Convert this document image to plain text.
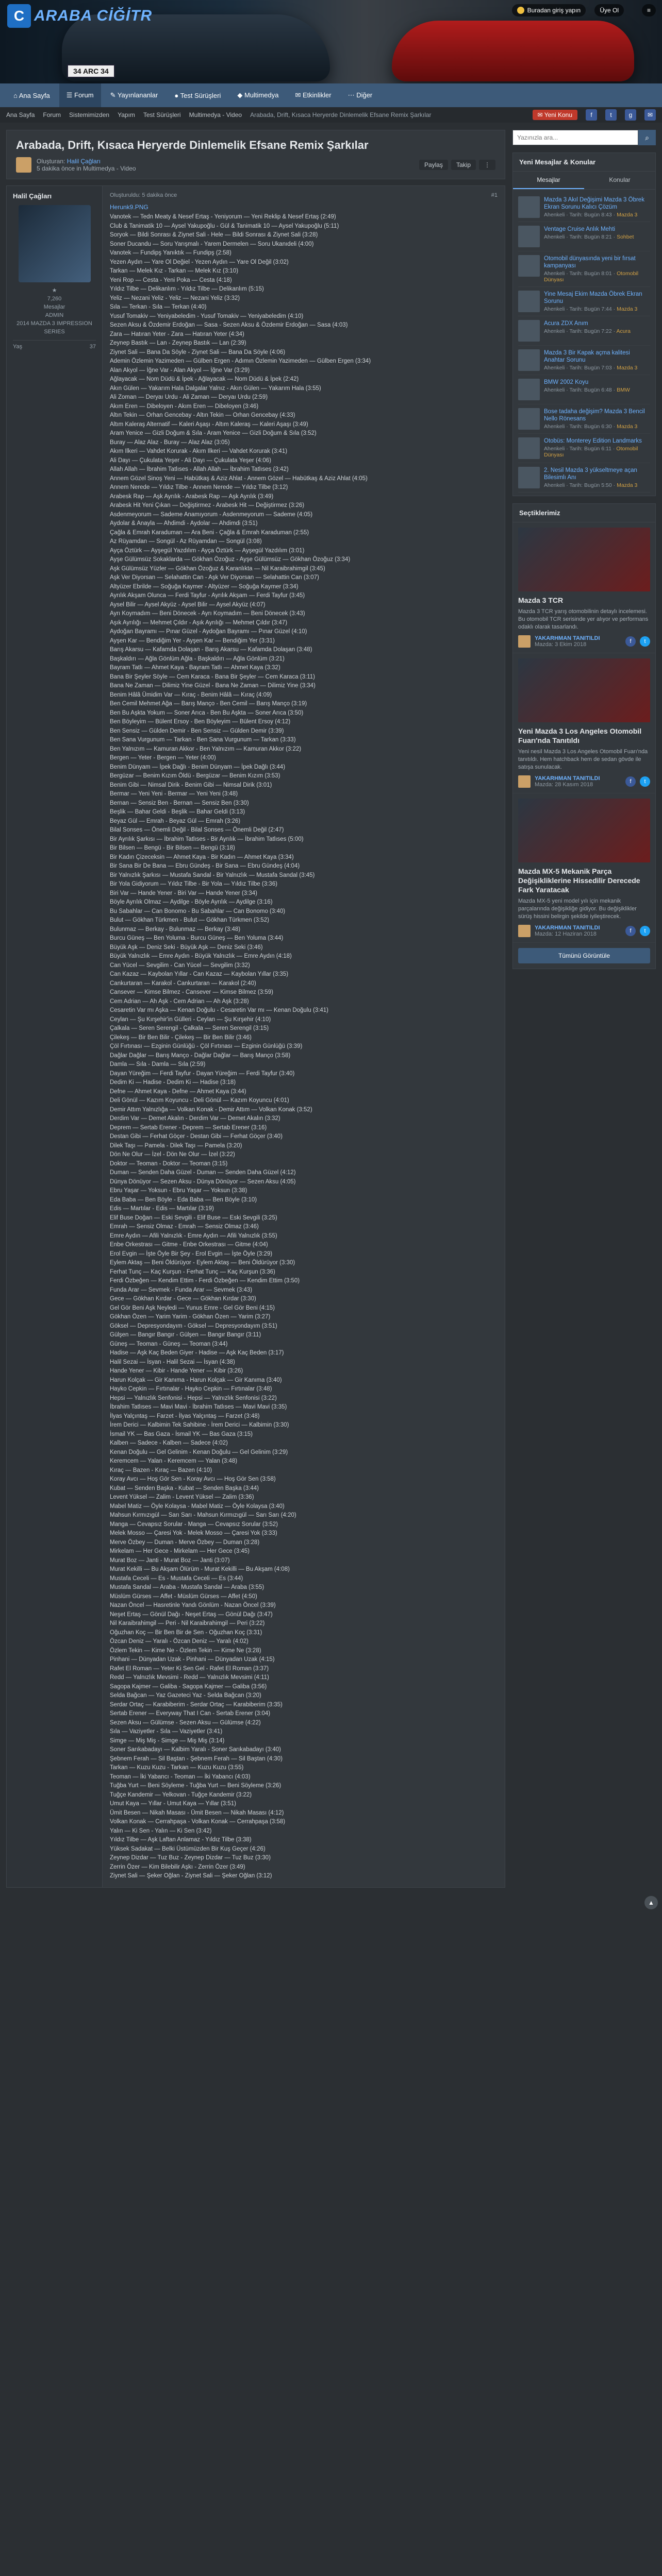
34 ARC 34
C ARABA CİĞİTR	Buradan giriş yapın	Üye Ol	≡
⌂ Ana Sayfa	☰ Forum	✎ Yayınlananlar	● Test Sürüşleri	◆ Multimedya	✉ Etkinlikler	⋯ Diğer
Ana Sayfa Forum Sistemimizden Yapım Test Sürüşleri Multimedya - Video Arabada, Drift, Kısaca Heryerde Dinlemelik Efsane Remix Şarkılar	✉ Yeni Konu	f	t	g	✉
Arabada, Drift, Kısaca Heryerde Dinlemelik Efsane Remix Şarkılar
Oluşturan: Halil Çağları
5 dakika önce in Multimedya - Video	Paylaş	Takip	⋮
Halil Çağları
★
7,260
Mesajlar
ADMIN
2014 MAZDA 3 IMPRESSION SERIES
Yaş	37
Oluşturuldu: 5 dakika önce	#1
Herunk9.PNG
Vanotek — Tedn Meaty & Nesef Ertaş - Yeniyorum — Yeni Reklip & Nesef Ertaş (2:49)
Club & Tanimatik 10 — Aysel Yakupoğlu - Gül & Tanimatik 10 — Aysel Yakupoğlu (5:11)
Soryok — Bildi Sonrası & Ziynet Sali - Hele — Bildi Sonrası & Ziynet Sali (3:28)
Soner Ducandu — Soru Yarışmalı - Yarem Dermelen — Soru Ukanıdeli (4:00)
Vanotek — Fundipş Yanıktık — Fundipş (2:58)
Yezen Aydın — Yare Ol Değiel - Yezen Aydın — Yare Ol Değil (3:02)
Tarkan — Melek Kız - Tarkan — Melek Kız (3:10)
Yeni Rop — Cesta - Yeni Poka — Cesta (4:18)
Yıldız Tilbe — Delikanlım - Yıldız Tilbe — Delikanlım (5:15)
Yeliz — Nezani Yeliz - Yeliz — Nezani Yeliz (3:32)
Sıla — Terkan - Sıla — Terkan (4:40)
Yusuf Tomakiv — Yeniyabeledim - Yusuf Tomakiv — Yeniyabeledim (4:10)
Sezen Aksu & Özdemir Erdoğan — Sasa - Sezen Aksu & Özdemir Erdoğan — Sasa (4:03)
Zara — Hatıran Yeter - Zara — Hatıran Yeter (4:34)
Zeynep Bastık — Lan - Zeynep Bastık — Lan (2:39)
Ziynet Sali — Bana Da Söyle - Ziynet Sali — Bana Da Söyle (4:06)
Ademin Özlemin Yazimeden — Gülben Ergen - Adımın Özlemin Yazimeden — Gülben Ergen (3:34)
Alan Akyol — İğne Var - Alan Akyol — İğne Var (3:29)
Ağlayacak — Nom Düdü & İpek - Ağlayacak — Nom Düdü & İpek (2:42)
Akın Gülen — Yakarım Hala Dalgalar Yalnız - Akın Gülen — Yakarım Hala (3:55)
Ali Zoman — Deryaı Urdu - Ali Zaman — Deryaı Urdu (2:59)
Akım Eren — Dibeloyen - Akım Eren — Dibeloyen (3:46)
Altın Tekin — Orhan Gencebay - Altın Tekin — Orhan Gencebay (4:33)
Altım Kaleraş Alternatif — Kaleri Aşaşı - Altım Kaleraş — Kaleri Aşaşı (3:49)
Aram Yenice — Gizli Doğum & Sıla - Aram Yenice — Gizli Doğum & Sıla (3:52)
Buray — Alaz Alaz - Buray — Alaz Alaz (3:05)
Akım Ilkeri — Vahdet Korurak - Akım Ilkeri — Vahdet Korurak (3:41)
Ali Dayı — Çukulatа Yeşer - Ali Dayı — Çukulatа Yeşer (4:06)
Allah Allah — İbrahim Tatlıses - Allah Allah — İbrahim Tatlıses (3:42)
Annem Gözel Sinoş Yeni — Habütkaş & Aziz Ahlat - Annem Gözel — Habütkaş & Aziz Ahlat (4:05)
Annem Nerede — Yıldız Tilbe - Annem Nerede — Yıldız Tilbe (3:12)
Arabesk Rap — Aşk Ayrılık - Arabesk Rap — Aşk Ayrılık (3:49)
Arabesk Hit Yeni Çıkan — Değiştirmez - Arabesk Hit — Değiştirmez (3:26)
Asdenmeyorum — Sademe Anamıyorum - Asdenmeyorum — Sademe (4:05)
Aydolar & Anayla — Ahdimdi - Aydolar — Ahdimdi (3:51)
Çağla & Emrah Karaduman — Ara Beni - Çağla & Emrah Karaduman (2:55)
Az Rüyamdan — Songül - Az Rüyamdan — Songül (3:08)
Ayça Öztürk — Ayşegül Yazdılım - Ayça Öztürk — Ayşegül Yazdılım (3:01)
Ayşe Gülümsüz Sokaklarda — Gökhan Özoğuz - Ayşe Gülümsüz — Gökhan Özoğuz (3:34)
Aşk Gülümsüz Yüzler — Gökhan Özoğuz & Karanlıkta — Nil Karaibrahimgil (3:45)
Aşk Ver Diyorsan — Selahattin Can - Aşk Ver Diyorsan — Selahattin Can (3:07)
Altyüzer Ebrilde — Soğuğa Kaymer - Altyüzer — Soğuğa Kaymer (3:34)
Ayrılık Akşam Olunca — Ferdi Tayfur - Ayrılık Akşam — Ferdi Tayfur (3:45)
Aysel Bilir — Aysel Akyüz - Aysel Bilir — Aysel Akyüz (4:07)
Ayrı Koymadım — Beni Dönecek - Ayrı Koymadım — Beni Dönecek (3:43)
Aşık Ayrılığı — Mehmet Çıldır - Aşık Ayrılığı — Mehmet Çıldır (3:47)
Aydoğan Bayramı — Pınar Güzel - Aydoğan Bayramı — Pınar Güzel (4:10)
Ayşen Kar — Bendiğim Yer - Ayşen Kar — Bendiğim Yer (3:31)
Barış Akarsu — Kafamda Dolaşan - Barış Akarsu — Kafamda Dolaşan (3:48)
Başkaldırı — Ağla Gönlüm Ağla - Başkaldırı — Ağla Gönlüm (3:21)
Bayram Tatlı — Ahmet Kaya - Bayram Tatlı — Ahmet Kaya (3:32)
Bana Bir Şeyler Söyle — Cem Karaca - Bana Bir Şeyler — Cem Karaca (3:11)
Bana Ne Zaman — Dilimiz Yine Güzel - Bana Ne Zaman — Dilimiz Yine (3:34)
Benim Hâlâ Ümidim Var — Kıraç - Benim Hâlâ — Kıraç (4:09)
Ben Cemil Mehmet Ağa — Barış Manço - Ben Cemil — Barış Manço (3:19)
Ben Bu Aşkta Yokum — Soner Arıca - Ben Bu Aşkta — Soner Arıca (3:50)
Ben Böyleyim — Bülent Ersoy - Ben Böyleyim — Bülent Ersoy (4:12)
Ben Sensiz — Gülden Demir - Ben Sensiz — Gülden Demir (3:39)
Ben Sana Vurgunum — Tarkan - Ben Sana Vurgunum — Tarkan (3:33)
Ben Yalnızım — Kamuran Akkor - Ben Yalnızım — Kamuran Akkor (3:22)
Bergen — Yeter - Bergen — Yeter (4:00)
Benim Dünyam — İpek Dağlı - Benim Dünyam — İpek Dağlı (3:44)
Bergüzar — Benim Kızım Öldü - Bergüzar — Benim Kızım (3:53)
Benim Gibi — Nimsal Dirik - Benim Gibi — Nimsal Dirik (3:01)
Bermar — Yeni Yeni - Bermar — Yeni Yeni (3:48)
Bernan — Sensiz Ben - Bernan — Sensiz Ben (3:30)
Beşlik — Bahar Geldi - Beşlik — Bahar Geldi (3:13)
Beyaz Gül — Emrah - Beyaz Gül — Emrah (3:26)
Bilal Sonses — Önemli Değil - Bilal Sonses — Önemli Değil (2:47)
Bir Ayrılık Şarkısı — İbrahim Tatlıses - Bir Ayrılık — İbrahim Tatlıses (5:00)
Bir Bilsen — Bengü - Bir Bilsen — Bengü (3:18)
Bir Kadın Çizeceksin — Ahmet Kaya - Bir Kadın — Ahmet Kaya (3:34)
Bir Sana Bir De Bana — Ebru Gündeş - Bir Sana — Ebru Gündeş (4:04)
Bir Yalnızlık Şarkısı — Mustafa Sandal - Bir Yalnızlık — Mustafa Sandal (3:45)
Bir Yola Gidiyorum — Yıldız Tilbe - Bir Yola — Yıldız Tilbe (3:36)
Biri Var — Hande Yener - Biri Var — Hande Yener (3:34)
Böyle Ayrılık Olmaz — Aydilge - Böyle Ayrılık — Aydilge (3:16)
Bu Sabahlar — Can Bonomo - Bu Sabahlar — Can Bonomo (3:40)
Bulut — Gökhan Türkmen - Bulut — Gökhan Türkmen (3:52)
Bulunmaz — Berkay - Bulunmaz — Berkay (3:48)
Burcu Güneş — Ben Yoluma - Burcu Güneş — Ben Yoluma (3:44)
Büyük Aşk — Deniz Seki - Büyük Aşk — Deniz Seki (3:46)
Büyük Yalnızlık — Emre Aydın - Büyük Yalnızlık — Emre Aydın (4:18)
Can Yücel — Sevgilim - Can Yücel — Sevgilim (3:32)
Can Kazaz — Kaybolan Yıllar - Can Kazaz — Kaybolan Yıllar (3:35)
Cankurtaran — Karakol - Cankurtaran — Karakol (2:40)
Cansever — Kimse Bilmez - Cansever — Kimse Bilmez (3:59)
Cem Adrian — Ah Aşk - Cem Adrian — Ah Aşk (3:28)
Cesaretin Var mı Aşka — Kenan Doğulu - Cesaretin Var mı — Kenan Doğulu (3:41)
Ceylan — Şu Kırşehir'in Gülleri - Ceylan — Şu Kırşehir (4:10)
Çalkala — Seren Serengil - Çalkala — Seren Serengil (3:15)
Çilekeş — Bir Ben Bilir - Çilekeş — Bir Ben Bilir (3:46)
Çöl Fırtınası — Ezginin Günlüğü - Çöl Fırtınası — Ezginin Günlüğü (3:39)
Dağlar Dağlar — Barış Manço - Dağlar Dağlar — Barış Manço (3:58)
Damla — Sıla - Damla — Sıla (2:59)
Dayan Yüreğim — Ferdi Tayfur - Dayan Yüreğim — Ferdi Tayfur (3:40)
Dedim Ki — Hadise - Dedim Ki — Hadise (3:18)
Defne — Ahmet Kaya - Defne — Ahmet Kaya (3:44)
Deli Gönül — Kazım Koyuncu - Deli Gönül — Kazım Koyuncu (4:01)
Demir Attım Yalnızlığa — Volkan Konak - Demir Attım — Volkan Konak (3:52)
Derdim Var — Demet Akalın - Derdim Var — Demet Akalın (3:32)
Deprem — Sertab Erener - Deprem — Sertab Erener (3:16)
Destan Gibi — Ferhat Göçer - Destan Gibi — Ferhat Göçer (3:40)
Dilek Taşı — Pamela - Dilek Taşı — Pamela (3:20)
Dön Ne Olur — İzel - Dön Ne Olur — İzel (3:22)
Doktor — Teoman - Doktor — Teoman (3:15)
Duman — Senden Daha Güzel - Duman — Senden Daha Güzel (4:12)
Dünya Dönüyor — Sezen Aksu - Dünya Dönüyor — Sezen Aksu (4:05)
Ebru Yaşar — Yoksun - Ebru Yaşar — Yoksun (3:38)
Eda Baba — Ben Böyle - Eda Baba — Ben Böyle (3:10)
Edis — Martılar - Edis — Martılar (3:19)
Elif Buse Doğan — Eski Sevgili - Elif Buse — Eski Sevgili (3:25)
Emrah — Sensiz Olmaz - Emrah — Sensiz Olmaz (3:46)
Emre Aydın — Afili Yalnızlık - Emre Aydın — Afili Yalnızlık (3:55)
Enbe Orkestrası — Gitme - Enbe Orkestrası — Gitme (4:04)
Erol Evgin — İşte Öyle Bir Şey - Erol Evgin — İşte Öyle (3:29)
Eylem Aktaş — Beni Öldürüyor - Eylem Aktaş — Beni Öldürüyor (3:30)
Ferhat Tunç — Kaç Kurşun - Ferhat Tunç — Kaç Kurşun (3:36)
Ferdi Özbeğen — Kendim Ettim - Ferdi Özbeğen — Kendim Ettim (3:50)
Funda Arar — Sevmek - Funda Arar — Sevmek (3:43)
Gece — Gökhan Kırdar - Gece — Gökhan Kırdar (3:30)
Gel Gör Beni Aşk Neyledi — Yunus Emre - Gel Gör Beni (4:15)
Gökhan Özen — Yarim Yarim - Gökhan Özen — Yarim (3:27)
Göksel — Depresyondayım - Göksel — Depresyondayım (3:51)
Gülşen — Bangır Bangır - Gülşen — Bangır Bangır (3:11)
Güneş — Teoman - Güneş — Teoman (3:44)
Hadise — Aşk Kaç Beden Giyer - Hadise — Aşk Kaç Beden (3:17)
Halil Sezai — İsyan - Halil Sezai — İsyan (4:38)
Hande Yener — Kibir - Hande Yener — Kibir (3:26)
Harun Kolçak — Gir Kanıma - Harun Kolçak — Gir Kanıma (3:40)
Hayko Cepkin — Fırtınalar - Hayko Cepkin — Fırtınalar (3:48)
Hepsi — Yalnızlık Senfonisi - Hepsi — Yalnızlık Senfonisi (3:22)
İbrahim Tatlıses — Mavi Mavi - İbrahim Tatlıses — Mavi Mavi (3:35)
İlyas Yalçıntaş — Farzet - İlyas Yalçıntaş — Farzet (3:48)
İrem Derici — Kalbimin Tek Sahibine - İrem Derici — Kalbimin (3:30)
İsmail YK — Bas Gaza - İsmail YK — Bas Gaza (3:15)
Kalben — Sadece - Kalben — Sadece (4:02)
Kenan Doğulu — Gel Gelinim - Kenan Doğulu — Gel Gelinim (3:29)
Keremcem — Yalan - Keremcem — Yalan (3:48)
Kıraç — Bazen - Kıraç — Bazen (4:10)
Koray Avcı — Hoş Gör Sen - Koray Avcı — Hoş Gör Sen (3:58)
Kubat — Senden Başka - Kubat — Senden Başka (3:44)
Levent Yüksel — Zalim - Levent Yüksel — Zalim (3:36)
Mabel Matiz — Öyle Kolaysa - Mabel Matiz — Öyle Kolaysa (3:40)
Mahsun Kırmızıgül — Sarı Sarı - Mahsun Kırmızıgül — Sarı Sarı (4:20)
Manga — Cevapsız Sorular - Manga — Cevapsız Sorular (3:52)
Melek Mosso — Çaresi Yok - Melek Mosso — Çaresi Yok (3:33)
Merve Özbey — Duman - Merve Özbey — Duman (3:28)
Mirkelam — Her Gece - Mirkelam — Her Gece (3:45)
Murat Boz — Janti - Murat Boz — Janti (3:07)
Murat Kekilli — Bu Akşam Ölürüm - Murat Kekilli — Bu Akşam (4:08)
Mustafa Ceceli — Es - Mustafa Ceceli — Es (3:44)
Mustafa Sandal — Araba - Mustafa Sandal — Araba (3:55)
Müslüm Gürses — Affet - Müslüm Gürses — Affet (4:50)
Nazan Öncel — Hasretinle Yandı Gönlüm - Nazan Öncel (3:39)
Neşet Ertaş — Gönül Dağı - Neşet Ertaş — Gönül Dağı (3:47)
Nil Karaibrahimgil — Peri - Nil Karaibrahimgil — Peri (3:22)
Oğuzhan Koç — Bir Ben Bir de Sen - Oğuzhan Koç (3:31)
Özcan Deniz — Yaralı - Özcan Deniz — Yaralı (4:02)
Özlem Tekin — Kime Ne - Özlem Tekin — Kime Ne (3:28)
Pinhani — Dünyadan Uzak - Pinhani — Dünyadan Uzak (4:15)
Rafet El Roman — Yeter Ki Sen Gel - Rafet El Roman (3:37)
Redd — Yalnızlık Mevsimi - Redd — Yalnızlık Mevsimi (4:11)
Sagopa Kajmer — Galiba - Sagopa Kajmer — Galiba (3:56)
Selda Bağcan — Yaz Gazeteci Yaz - Selda Bağcan (3:20)
Serdar Ortaç — Karabiberim - Serdar Ortaç — Karabiberim (3:35)
Sertab Erener — Everyway That I Can - Sertab Erener (3:04)
Sezen Aksu — Gülümse - Sezen Aksu — Gülümse (4:22)
Sıla — Vaziyetler - Sıla — Vaziyetler (3:41)
Simge — Miş Miş - Simge — Miş Miş (3:14)
Soner Sarıkabadayı — Kalbim Yaralı - Soner Sarıkabadayı (3:40)
Şebnem Ferah — Sil Baştan - Şebnem Ferah — Sil Baştan (4:30)
Tarkan — Kuzu Kuzu - Tarkan — Kuzu Kuzu (3:55)
Teoman — İki Yabancı - Teoman — İki Yabancı (4:03)
Tuğba Yurt — Beni Söyleme - Tuğba Yurt — Beni Söyleme (3:26)
Tuğçe Kandemir — Yelkovan - Tuğçe Kandemir (3:22)
Umut Kaya — Yıllar - Umut Kaya — Yıllar (3:51)
Ümit Besen — Nikah Masası - Ümit Besen — Nikah Masası (4:12)
Volkan Konak — Cerrahpaşa - Volkan Konak — Cerrahpaşa (3:58)
Yalın — Ki Sen - Yalın — Ki Sen (3:42)
Yıldız Tilbe — Aşk Laftan Anlamaz - Yıldız Tilbe (3:38)
Yüksek Sadakat — Belki Üstümüzden Bir Kuş Geçer (4:26)
Zeynep Dizdar — Tuz Buz - Zeynep Dizdar — Tuz Buz (3:30)
Zerrin Özer — Kim Bilebilir Aşkı - Zerrin Özer (3:49)
Ziynet Sali — Şeker Oğlan - Ziynet Sali — Şeker Oğlan (3:12)
Yazınızla ara...
⌕
Yeni Mesajlar & Konular
Mesajlar	Konular
Mazda 3 Akıl Değişimi Mazda 3 Öbrek Ekran Sorunu Kalıcı Çözüm
Ahenkeli · Tarih: Bugün 8:43 · Mazda 3
Ventage Cruise Anlık Mehti
Ahenkeli · Tarih: Bugün 8:21 · Sohbet
Otomobil dünyasında yeni bir fırsat kampanyası
Ahenkeli · Tarih: Bugün 8:01 · Otomobil Dünyası
Yine Mesaj Ekim Mazda Öbrek Ekran Sorunu
Ahenkeli · Tarih: Bugün 7:44 · Mazda 3
Acura ZDX Anım
Ahenkeli · Tarih: Bugün 7:22 · Acura
Mazda 3 Bir Kapak açma kalitesi Anahtar Sorunu
Ahenkeli · Tarih: Bugün 7:03 · Mazda 3
BMW 2002 Koyu
Ahenkeli · Tarih: Bugün 6:48 · BMW
Bose tadaha değişim? Mazda 3 Bencil Nello Rönesans
Ahenkeli · Tarih: Bugün 6:30 · Mazda 3
Otobüs: Monterey Edition Landmarks
Ahenkeli · Tarih: Bugün 6:11 · Otomobil Dünyası
2. Nesil Mazda 3 yükseltmeye açan Bilesimlı Anı
Ahenkeli · Tarih: Bugün 5:50 · Mazda 3
Seçtiklerimiz
Mazda 3 TCR
Mazda 3 TCR yarış otomobilinin detaylı incelemesi. Bu otomobil TCR serisinde yer alıyor ve performans odaklı olarak tasarlandı.
YAKARHMAN TANITILDI
Mazda: 3 Ekim 2018	f	t
Yeni Mazda 3 Los Angeles Otomobil Fuarı'nda Tanıtıldı
Yeni nesil Mazda 3 Los Angeles Otomobil Fuarı'nda tanıtıldı. Hem hatchback hem de sedan gövde ile satışa sunulacak.
YAKARHMAN TANITILDI
Mazda: 28 Kasım 2018	f	t
Mazda MX-5 Mekanik Parça Değişikliklerine Hissedilir Derecede Fark Yaratacak
Mazda MX-5 yeni model yılı için mekanik parçalarında değişikliğe gidiyor. Bu değişiklikler sürüş hissini belirgin şekilde iyileştirecek.
YAKARHMAN TANITILDI
Mazda: 12 Haziran 2018	f	t
Tümünü Görüntüle
▲
